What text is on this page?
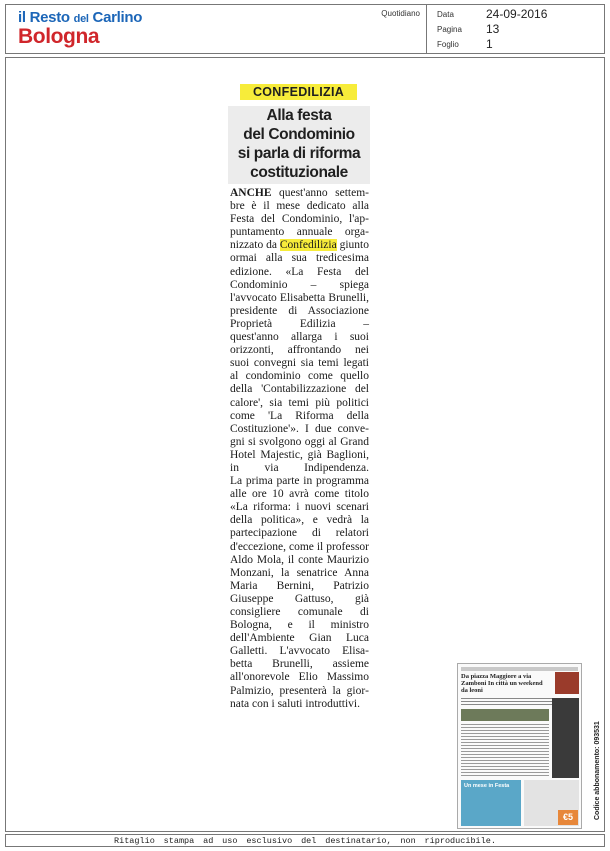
il Resto del Carlino
Bologna
Quotidiano Data	24-09-2016
Pagina 13
Foglio 1
CONFEDILIZIA
Alla festa
del Condominio
si parla di riforma
costituzionale

ANCHE quest'anno settembre è il mese dedicato alla Festa del Condominio, l'appuntamento annuale organizzato da Confedilizia giunto ormai alla sua tredicesima edizione. «La Festa del Condominio – spiega l'avvocato Elisabetta Brunelli, presidente di Associazione Proprietà Edilizia – quest'anno allarga i suoi orizzonti, affrontando nei suoi convegni sia temi legati al condominio come quello della 'Contabilizzazione del calore', sia temi più politici come 'La Riforma della Costituzione'». I due convegni si svolgono oggi al Grand Hotel Majestic, già Baglioni, in via Indipendenza.

La prima parte in programma alle ore 10 avrà come titolo «La riforma: i nuovi scenari della politica», e vedrà la partecipazione di relatori d'eccezione, come il professor Aldo Mola, il conte Maurizio Monzani, la senatrice Anna Maria Bernini, Patrizio Giuseppe Gattuso, già consigliere comunale di Bologna, e il ministro dell'Ambiente Gian Luca Galletti. L'avvocato Elisabetta Brunelli, assieme all'onorevole Elio Massimo Palmizio, presenterà la giornata con i saluti introduttivi.

Da piazza Maggiore a via Zamboni In città un weekend da leoni
Un mese in Festa
€5	Codice abbonamento: 093531
Ritaglio stampa ad uso esclusivo del destinatario, non riproducibile.
